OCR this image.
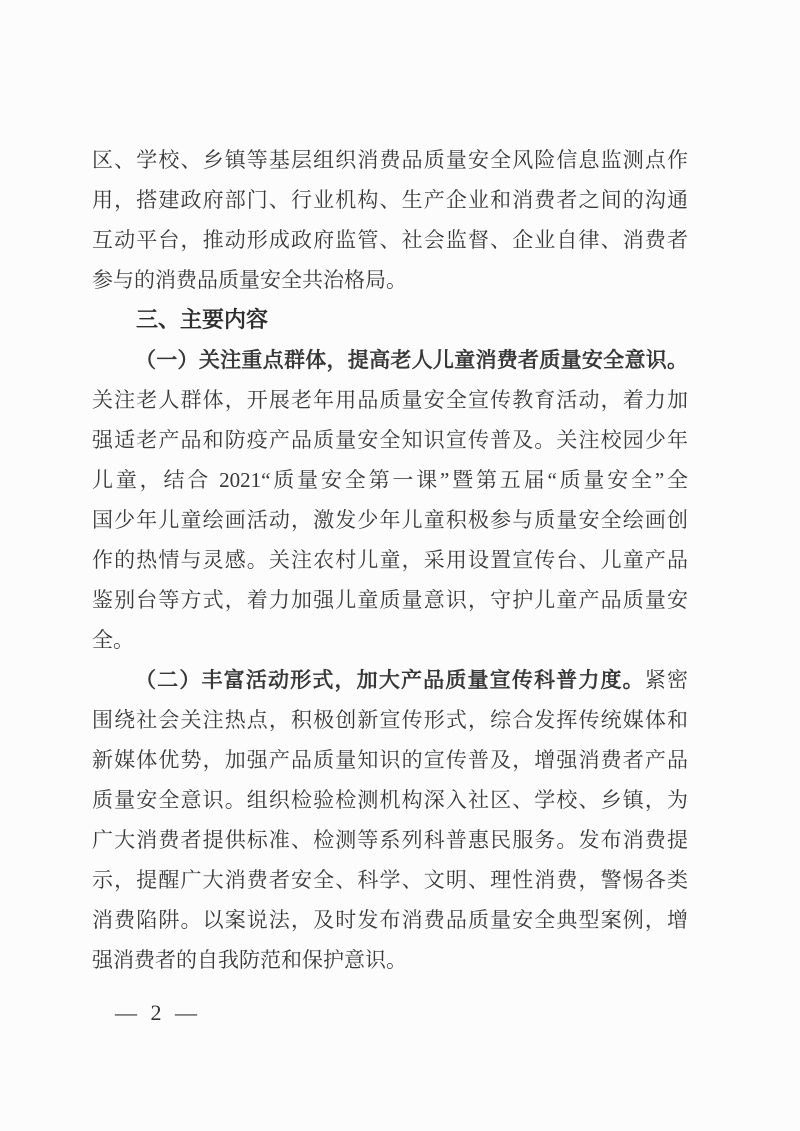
区、学校、乡镇等基层组织消费品质量安全风险信息监测点作
用，搭建政府部门、行业机构、生产企业和消费者之间的沟通
互动平台，推动形成政府监管、社会监督、企业自律、消费者
参与的消费品质量安全共治格局。
三、主要内容
（一）关注重点群体，提高老人儿童消费者质量安全意识。
关注老人群体，开展老年用品质量安全宣传教育活动，着力加
强适老产品和防疫产品质量安全知识宣传普及。关注校园少年
儿童，结合 2021“质量安全第一课”暨第五届“质量安全”全
国少年儿童绘画活动，激发少年儿童积极参与质量安全绘画创
作的热情与灵感。关注农村儿童，采用设置宣传台、儿童产品
鉴别台等方式，着力加强儿童质量意识，守护儿童产品质量安
全。
（二）丰富活动形式，加大产品质量宣传科普力度。紧密
围绕社会关注热点，积极创新宣传形式，综合发挥传统媒体和
新媒体优势，加强产品质量知识的宣传普及，增强消费者产品
质量安全意识。组织检验检测机构深入社区、学校、乡镇，为
广大消费者提供标准、检测等系列科普惠民服务。发布消费提
示，提醒广大消费者安全、科学、文明、理性消费，警惕各类
消费陷阱。以案说法，及时发布消费品质量安全典型案例，增
强消费者的自我防范和保护意识。
— 2 —
